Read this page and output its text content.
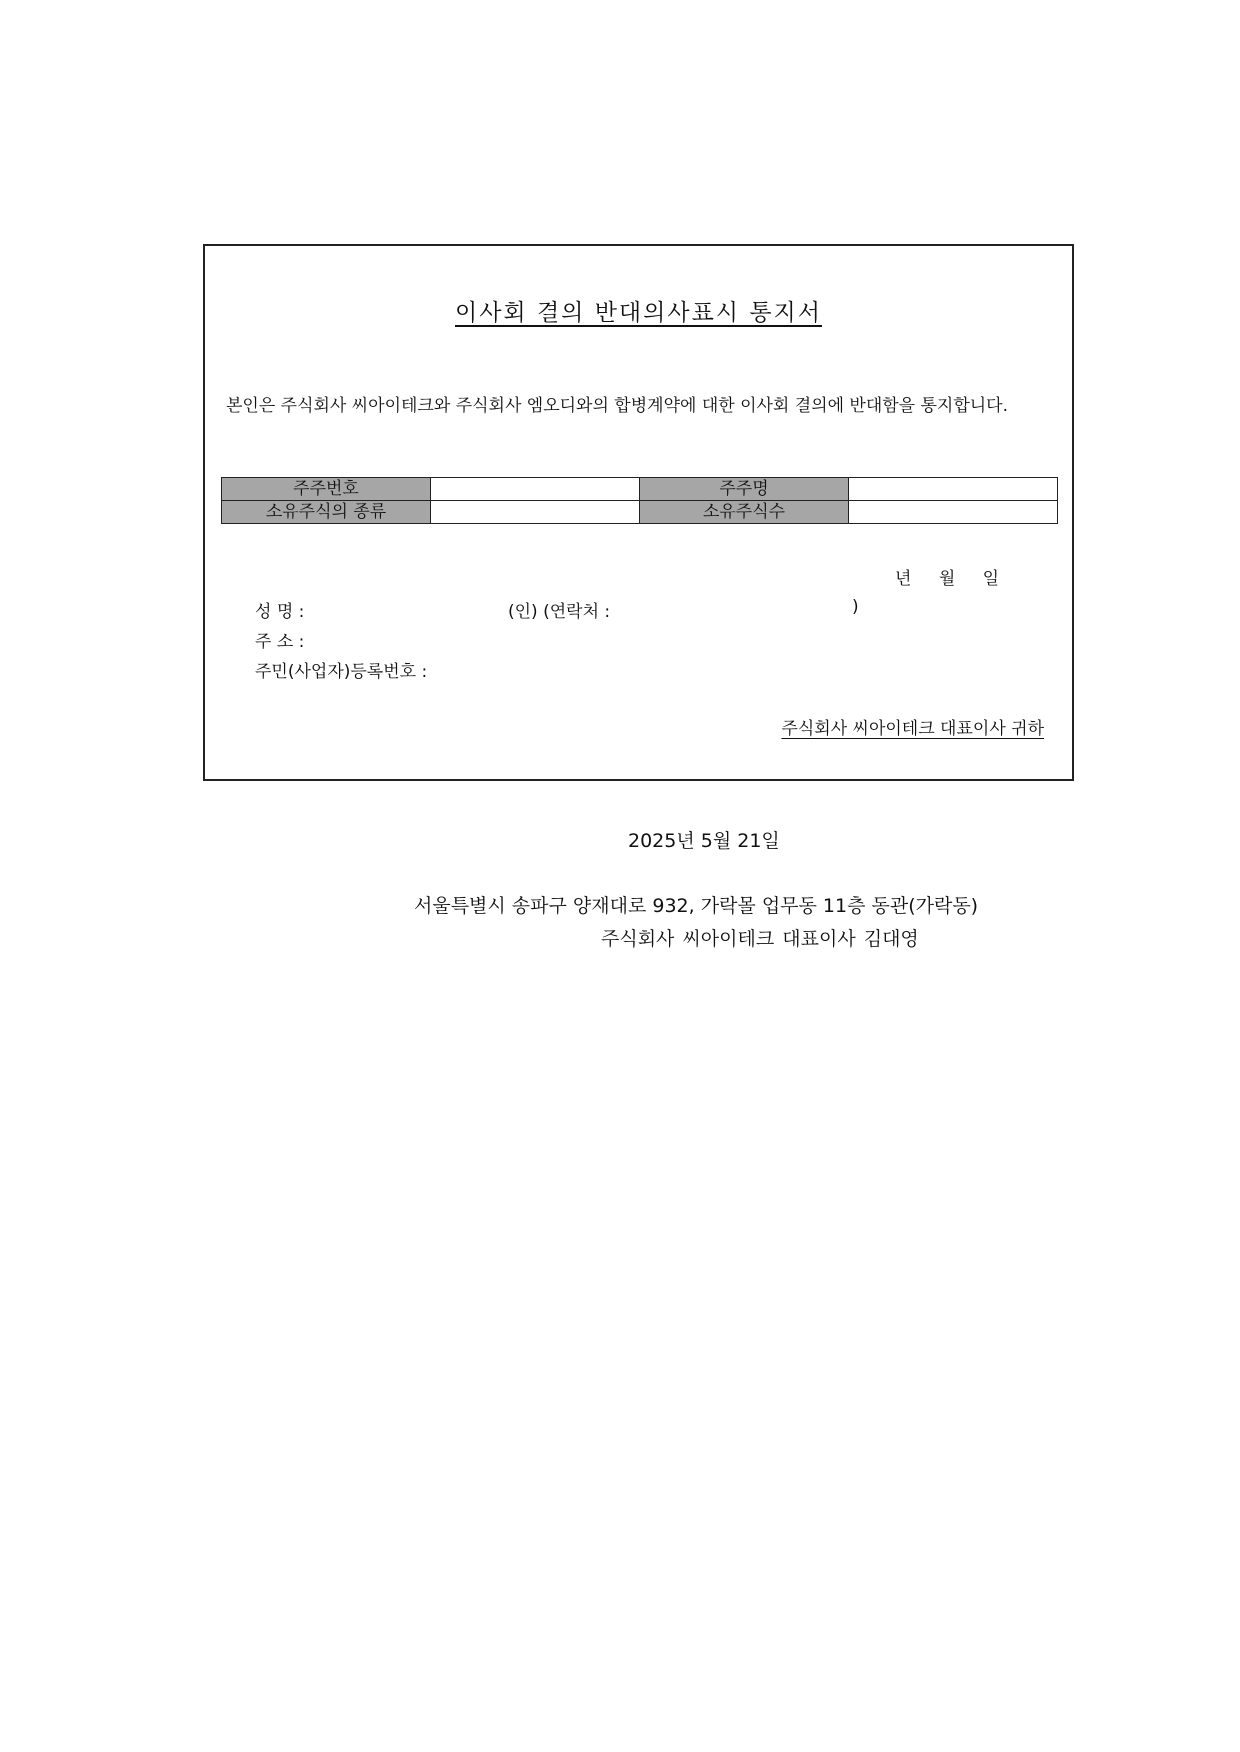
이사회 결의 반대의사표시 통지서
본인은 주식회사 씨아이테크와 주식회사 엠오디와의 합병계약에 대한 이사회 결의에 반대함을 통지합니다.
주주번호		주주명	
소유주식의 종류		소유주식수	
년 월 일
성 명 :	(인) (연락처 :	)
주 소 :
주민(사업자)등록번호 :
주식회사 씨아이테크 대표이사 귀하
2025년 5월 21일
서울특별시 송파구 양재대로 932, 가락몰 업무동 11층 동관(가락동)
주식회사 씨아이테크 대표이사 김대영
